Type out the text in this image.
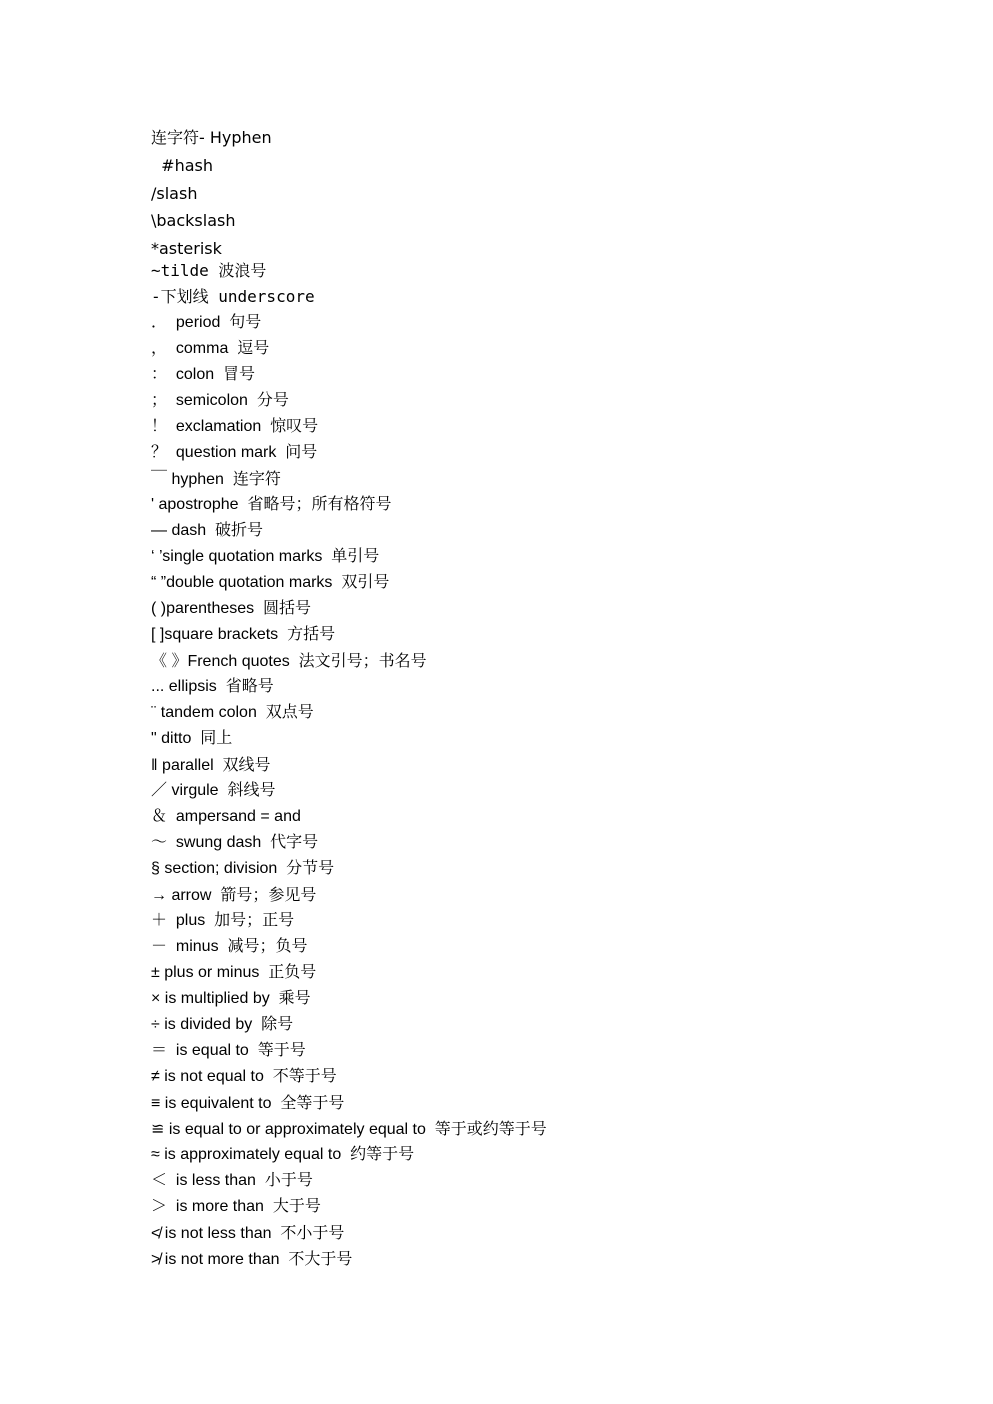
连字符- Hyphen
#hash
/slash
\backslash
*asterisk
~tilde 波浪号
-下划线 underscore
．  period  句号
，  comma  逗号
：  colon  冒号
；  semicolon  分号
！  exclamation  惊叹号
？  question mark  问号
￣ hyphen  连字符
' apostrophe  省略号；所有格符号
— dash  破折号
‘ ’single quotation marks  单引号
“ ”double quotation marks  双引号
( )parentheses  圆括号
[ ]square brackets  方括号
《 》French quotes  法文引号；书名号
... ellipsis  省略号
¨ tandem colon  双点号
" ditto  同上
‖ parallel  双线号
／ virgule  斜线号
＆  ampersand = and
～  swung dash  代字号
§ section; division  分节号
→ arrow  箭号；参见号
＋  plus  加号；正号
－  minus  减号；负号
± plus or minus  正负号
× is multiplied by  乘号
÷ is divided by  除号
＝  is equal to  等于号
≠ is not equal to  不等于号
≡ is equivalent to  全等于号
≌ is equal to or approximately equal to  等于或约等于号
≈ is approximately equal to  约等于号
＜  is less than  小于号
＞  is more than  大于号
≮ is not less than  不小于号
≯ is not more than  不大于号
